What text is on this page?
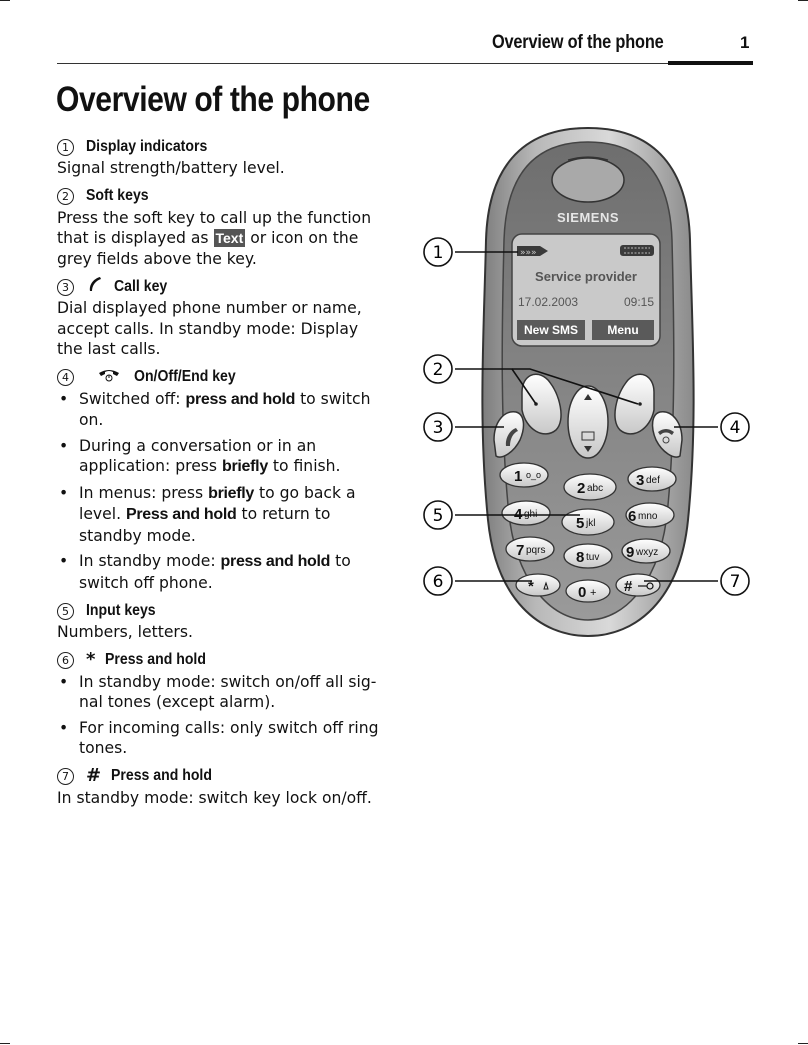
Overview of the phone	1
Overview of the phone
1	Display indicators

Signal strength/battery level.

2	Soft keys

Press the soft key to call up the function that is displayed as Text or icon on the grey fields above the key.

3	Call key

Dial displayed phone number or name, accept calls. In standby mode: Display the last calls.

4	On/Off/End key
• Switched off: press and hold to switch on.
• During a conversation or in an application: press briefly to finish.
• In menus: press briefly to go back a level. Press and hold to return to standby mode.
• In standby mode: press and hold to switch off phone.
5	Input keys

Numbers, letters.

6 * Press and hold
• In standby mode: switch on/off all sig-nal tones (except alarm).
• For incoming calls: only switch off ring tones.
7 # Press and hold

In standby mode: switch key lock on/off.

SIEMENS
»»»
Service provider
17.02.2003	09:15
New SMS Menu
1 o_o
2 abc 3 def
4 ghi
5 jkl 6 mno
7 pqrs 8 tuv 9 wxyz
*	0 + #
1
2
3	4
5
6	7
